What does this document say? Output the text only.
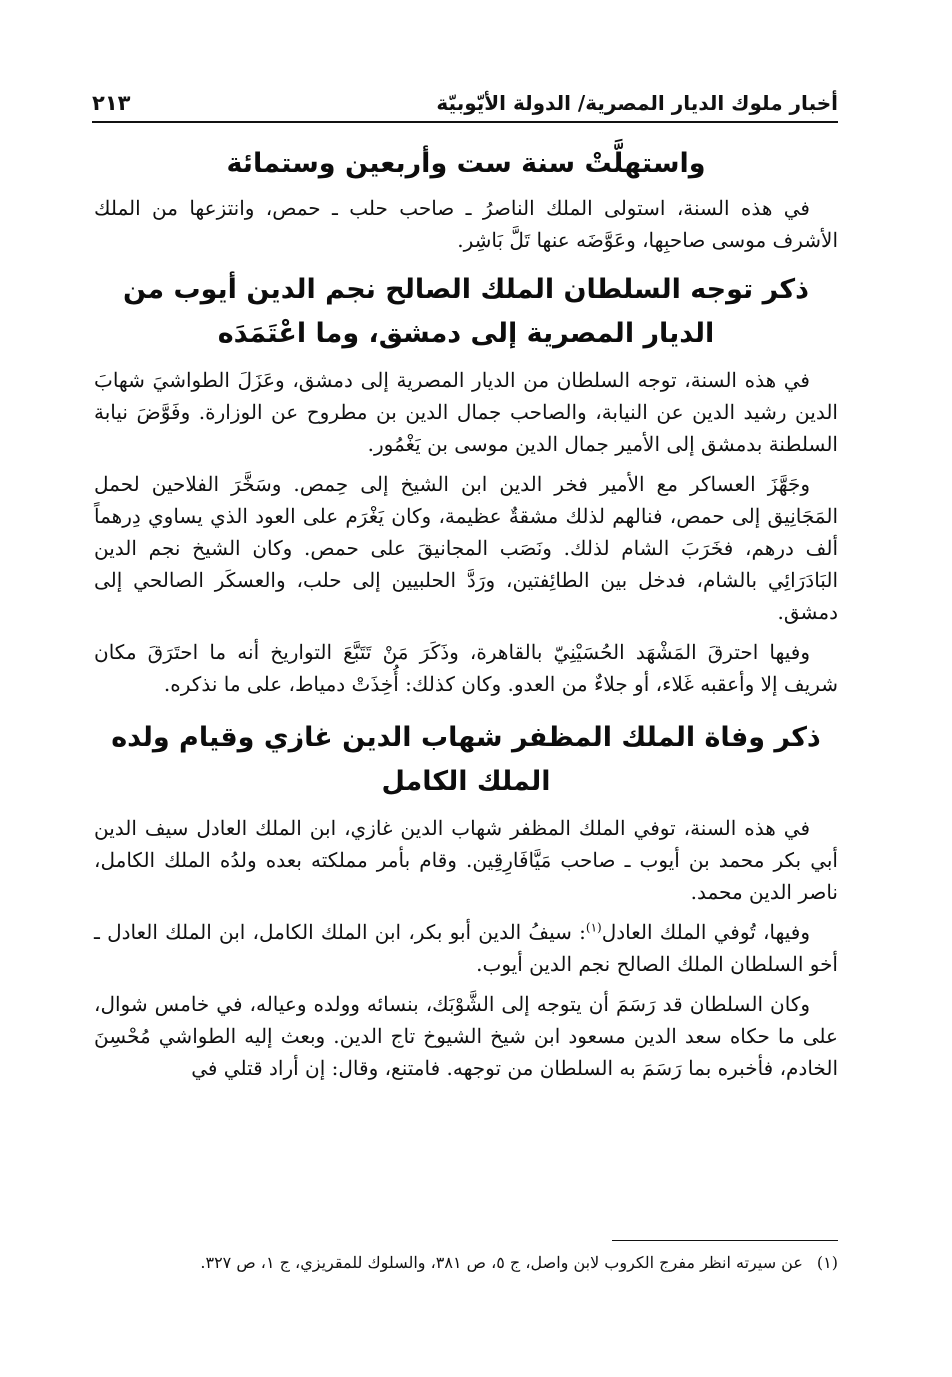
أخبار ملوك الديار المصرية/ الدولة الأيّوبيّة
٢١٣
واستهلَّتْ سنة ست وأربعين وستمائة

في هذه السنة، استولى الملك الناصرُ ـ صاحب حلب ـ حمص، وانتزعها من الملك الأشرف موسى صاحبِها، وعَوَّضَه عنها تَلَّ بَاشِر.

ذكر توجه السلطان الملك الصالح نجم الدين أيوب من الديار المصرية إلى دمشق، وما اعْتَمَدَه

في هذه السنة، توجه السلطان من الديار المصرية إلى دمشق، وعَزَلَ الطواشيَ شهابَ الدين رشيد الدين عن النيابة، والصاحب جمال الدين بن مطروح عن الوزارة. وفَوَّضَ نيابة السلطنة بدمشق إلى الأمير جمال الدين موسى بن يَغْمُور.

وجَهَّزَ العساكر مع الأمير فخر الدين ابن الشيخ إلى حِمص. وسَخَّرَ الفلاحين لحمل المَجَانِيق إلى حمص، فنالهم لذلك مشقةٌ عظيمة، وكان يَغْرَم على العود الذي يساوي دِرهماً ألف درهم، فخَرَبَ الشام لذلك. ونَصَب المجانيقَ على حمص. وكان الشيخ نجم الدين البَادَرَائِي بالشام، فدخل بين الطائِفتين، ورَدَّ الحلبيين إلى حلب، والعسكَر الصالحي إلى دمشق.

وفيها احترقَ المَشْهَد الحُسَيْنِيّ بالقاهرة، وذَكَرَ مَنْ تَتَبَّعَ التواريخ أنه ما احتَرَقَ مكان شريف إلا وأعقبه غَلاء، أو جلاءٌ من العدو. وكان كذلك: أُخِذَتْ دمياط، على ما نذكره.

ذكر وفاة الملك المظفر شهاب الدين غازي وقيام ولده الملك الكامل

في هذه السنة، توفي الملك المظفر شهاب الدين غازي، ابن الملك العادل سيف الدين أبي بكر محمد بن أيوب ـ صاحب مَيَّافَارِقِين. وقام بأمر مملكته بعده ولدُه الملك الكامل، ناصر الدين محمد.

وفيها، تُوفي الملك العادل$^{(١)}$: سيفُ الدين أبو بكر، ابن الملك الكامل، ابن الملك العادل ـ أخو السلطان الملك الصالح نجم الدين أيوب.

وكان السلطان قد رَسَمَ أن يتوجه إلى الشَّوْبَك، بنسائه وولده وعياله، في خامس شوال، على ما حكاه سعد الدين مسعود ابن شيخ الشيوخ تاج الدين. وبعث إليه الطواشي مُحْسِنَ الخادم، فأخبره بما رَسَمَ به السلطان من توجهه. فامتنع، وقال: إن أراد قتلي في

(١)عن سيرته انظر مفرج الكروب لابن واصل، ج ٥، ص ٣٨١، والسلوك للمقريزي، ج ١، ص ٣٢٧.
